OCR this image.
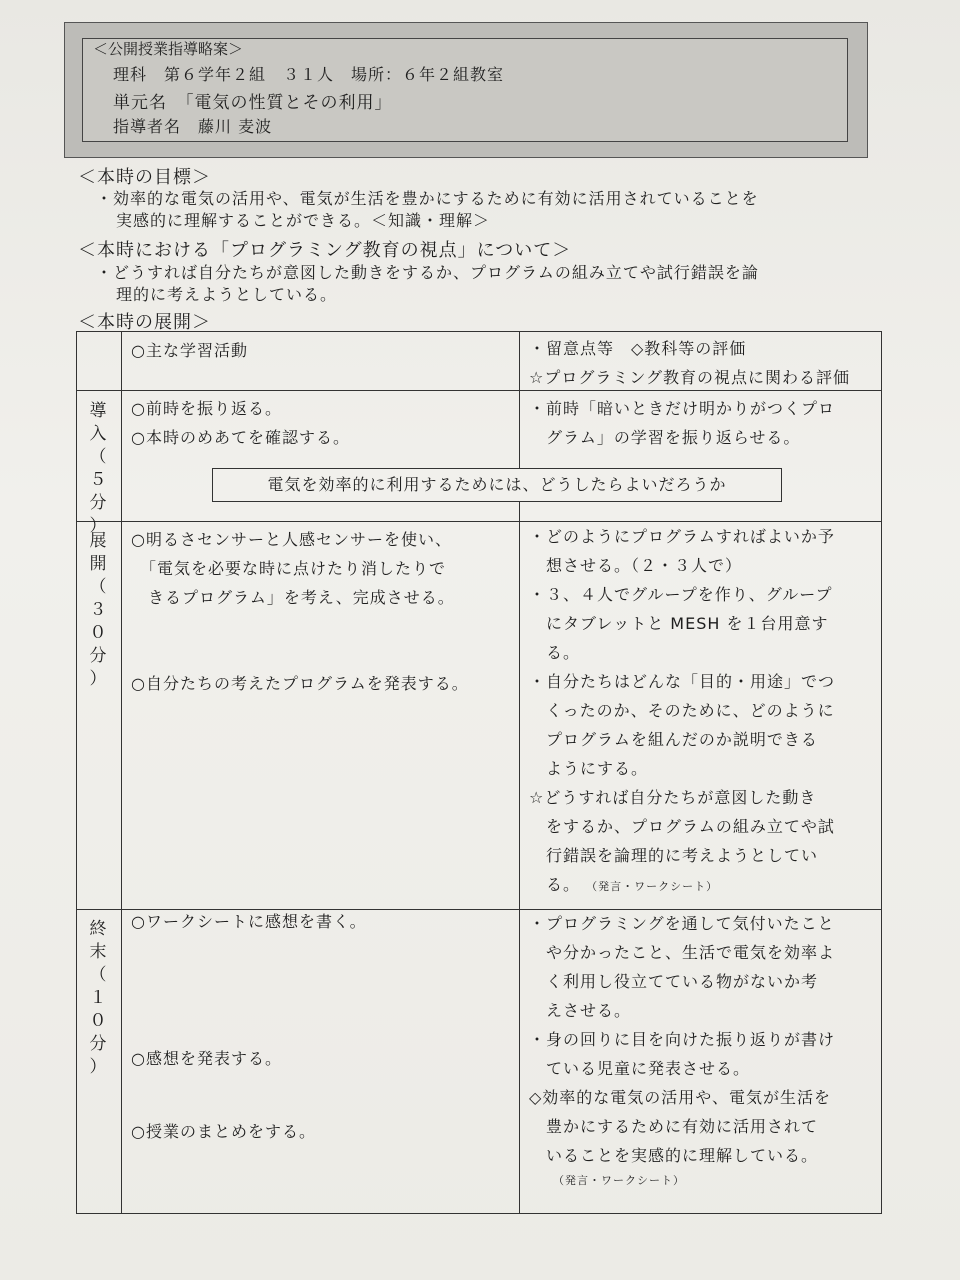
＜公開授業指導略案＞
理科　第６学年２組　３１人　場所：６年２組教室
単元名　「電気の性質とその利用」
指導者名　藤川 麦波
＜本時の目標＞
・効率的な電気の活用や、電気が生活を豊かにするために有効に活用されていることを
実感的に理解することができる。＜知識・理解＞
＜本時における「プログラミング教育の視点」について＞
・どうすれば自分たちが意図した動きをするか、プログラムの組み立てや試行錯誤を論
理的に考えようとしている。
＜本時の展開＞
○主な学習活動	・留意点等　◇教科等の評価
☆プログラミング教育の視点に関わる評価
導
入
（
５
分
）
○前時を振り返る。
○本時のめあてを確認する。
・前時「暗いときだけ明かりがつくプロ
　グラム」の学習を振り返らせる。
電気を効率的に利用するためには、どうしたらよいだろうか
展
開
（
３
０
分
）
○明るさセンサーと人感センサーを使い、
　「電気を必要な時に点けたり消したりで
　きるプログラム」を考え、完成させる。
○自分たちの考えたプログラムを発表する。
・どのようにプログラムすればよいか予
　想させる。（２・３人で）
・３、４人でグループを作り、グループ
　にタブレットと MESH を１台用意す
　る。
・自分たちはどんな「目的・用途」でつ
　くったのか、そのために、どのように
　プログラムを組んだのか説明できる
　ようにする。
☆どうすれば自分たちが意図した動き
　をするか、プログラムの組み立てや試
　行錯誤を論理的に考えようとしてい
　る。 （発言・ワークシート）
終
末
（
１
０
分
）
○ワークシートに感想を書く。
○感想を発表する。
○授業のまとめをする。
・プログラミングを通して気付いたこと
　や分かったこと、生活で電気を効率よ
　く利用し役立てている物がないか考
　えさせる。
・身の回りに目を向けた振り返りが書け
　ている児童に発表させる。
◇効率的な電気の活用や、電気が生活を
　豊かにするために有効に活用されて
　いることを実感的に理解している。
（発言・ワークシート）
